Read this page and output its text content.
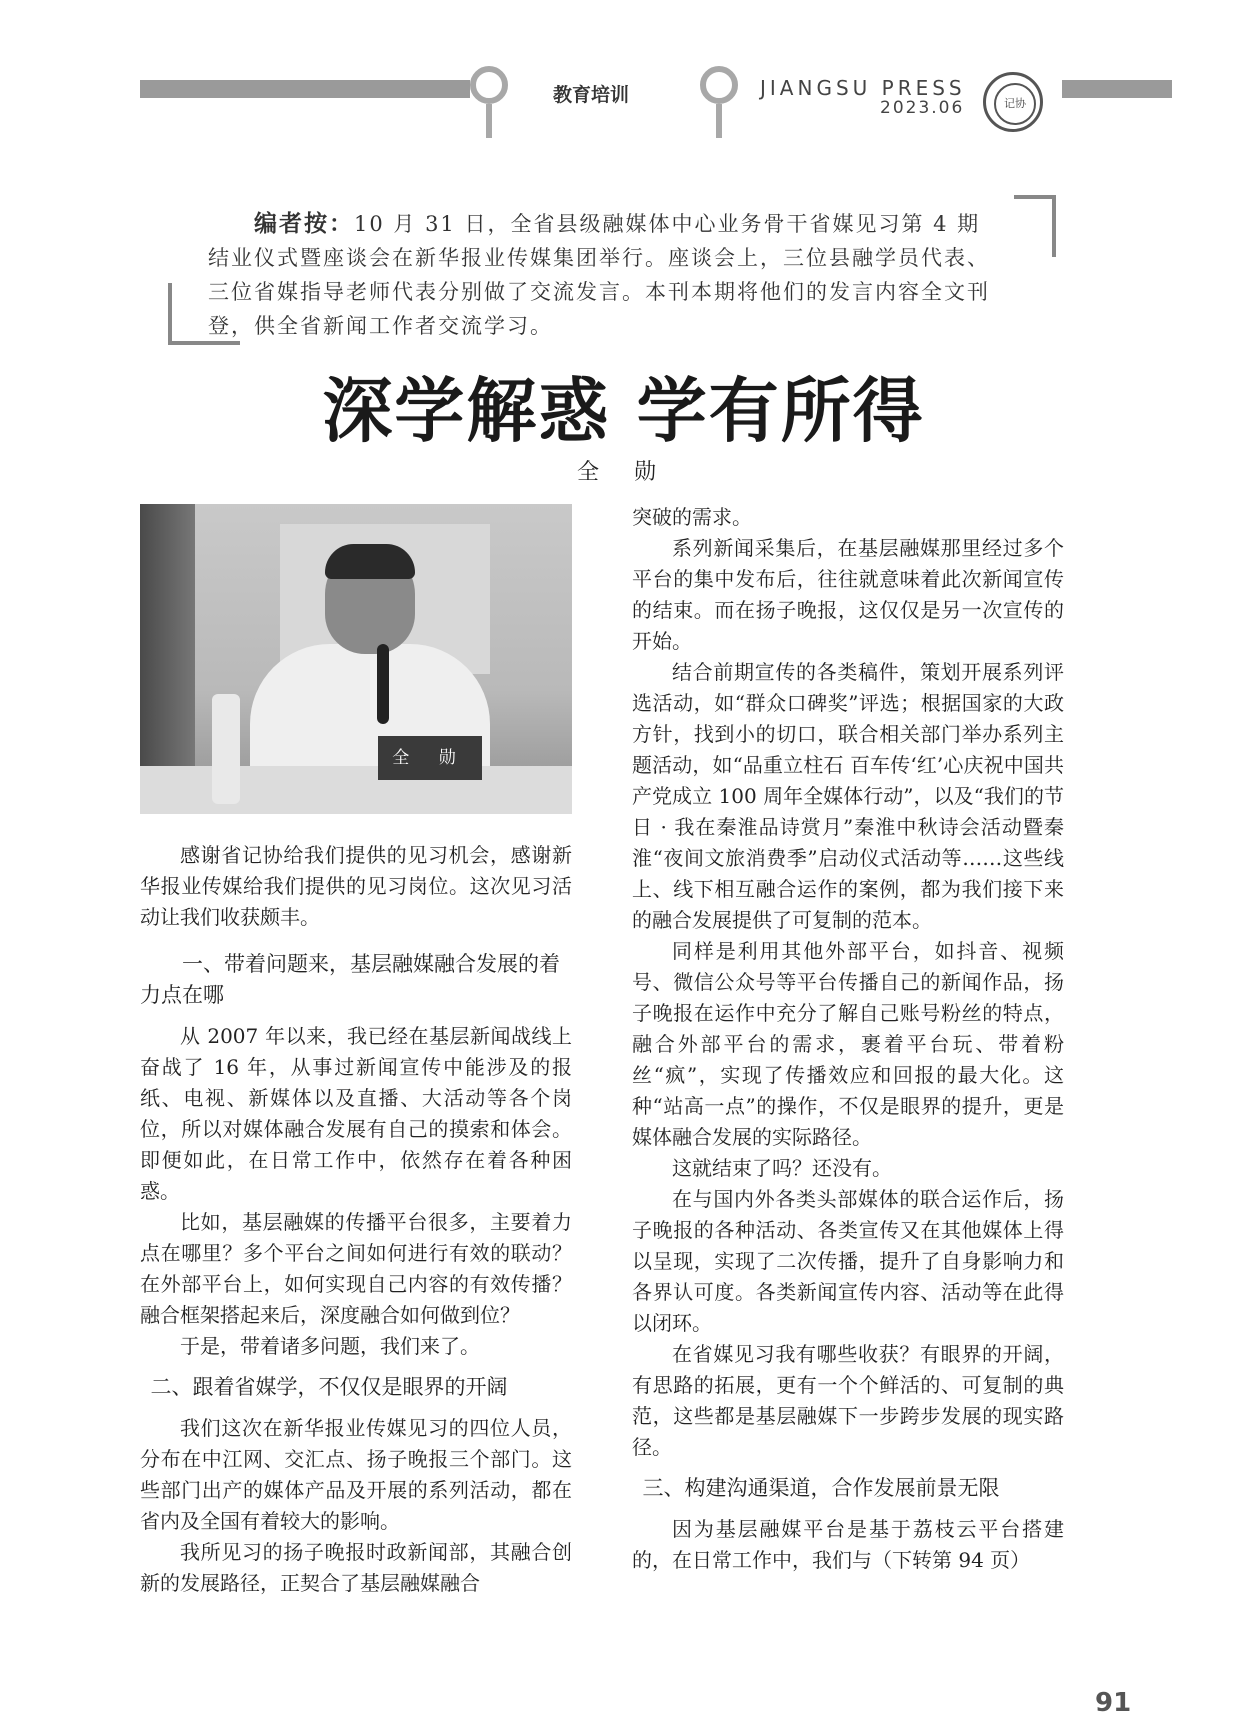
教育培训	JIANGSU PRESS
2023.06	记协
编者按：10 月 31 日，全省县级融媒体中心业务骨干省媒见习第 4 期结业仪式暨座谈会在新华报业传媒集团举行。座谈会上，三位县融学员代表、三位省媒指导老师代表分别做了交流发言。本刊本期将他们的发言内容全文刊登，供全省新闻工作者交流学习。
深学解惑 学有所得
全 勋
全 勋

感谢省记协给我们提供的见习机会，感谢新华报业传媒给我们提供的见习岗位。这次见习活动让我们收获颇丰。

一、带着问题来，基层融媒融合发展的着力点在哪

从 2007 年以来，我已经在基层新闻战线上奋战了 16 年，从事过新闻宣传中能涉及的报纸、电视、新媒体以及直播、大活动等各个岗位，所以对媒体融合发展有自己的摸索和体会。即便如此，在日常工作中，依然存在着各种困惑。

比如，基层融媒的传播平台很多，主要着力点在哪里？多个平台之间如何进行有效的联动？在外部平台上，如何实现自己内容的有效传播？融合框架搭起来后，深度融合如何做到位？

于是，带着诸多问题，我们来了。

二、跟着省媒学，不仅仅是眼界的开阔

我们这次在新华报业传媒见习的四位人员，分布在中江网、交汇点、扬子晚报三个部门。这些部门出产的媒体产品及开展的系列活动，都在省内及全国有着较大的影响。

我所见习的扬子晚报时政新闻部，其融合创新的发展路径，正契合了基层融媒融合

突破的需求。

系列新闻采集后，在基层融媒那里经过多个平台的集中发布后，往往就意味着此次新闻宣传的结束。而在扬子晚报，这仅仅是另一次宣传的开始。

结合前期宣传的各类稿件，策划开展系列评选活动，如“群众口碑奖”评选；根据国家的大政方针，找到小的切口，联合相关部门举办系列主题活动，如“品重立柱石 百车传‘红’心庆祝中国共产党成立 100 周年全媒体行动”，以及“我们的节日 · 我在秦淮品诗赏月”秦淮中秋诗会活动暨秦淮“夜间文旅消费季”启动仪式活动等……这些线上、线下相互融合运作的案例，都为我们接下来的融合发展提供了可复制的范本。

同样是利用其他外部平台，如抖音、视频号、微信公众号等平台传播自己的新闻作品，扬子晚报在运作中充分了解自己账号粉丝的特点，融合外部平台的需求，裹着平台玩、带着粉丝“疯”，实现了传播效应和回报的最大化。这种“站高一点”的操作，不仅是眼界的提升，更是媒体融合发展的实际路径。

这就结束了吗？还没有。

在与国内外各类头部媒体的联合运作后，扬子晚报的各种活动、各类宣传又在其他媒体上得以呈现，实现了二次传播，提升了自身影响力和各界认可度。各类新闻宣传内容、活动等在此得以闭环。

在省媒见习我有哪些收获？有眼界的开阔，有思路的拓展，更有一个个鲜活的、可复制的典范，这些都是基层融媒下一步跨步发展的现实路径。

三、构建沟通渠道，合作发展前景无限

因为基层融媒平台是基于荔枝云平台搭建的，在日常工作中，我们与（下转第 94 页）

91
